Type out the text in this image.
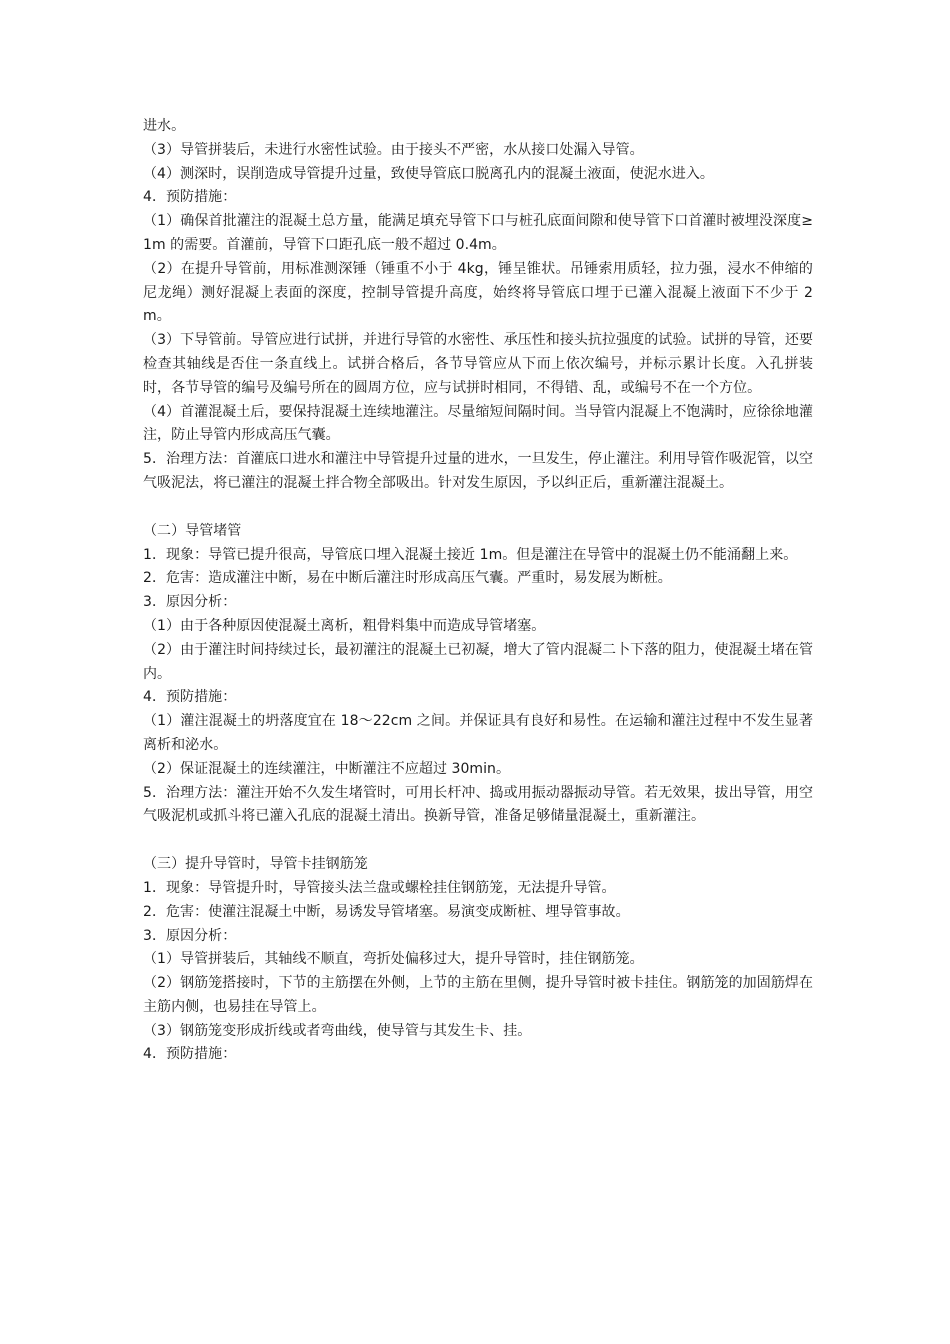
进水。

（3）导管拼装后，未进行水密性试验。由于接头不严密，水从接口处漏入导管。

（4）测深时，误削造成导管提升过量，致使导管底口脱离孔内的混凝土液面，使泥水进入。

4．预防措施：

（1）确保首批灌注的混凝土总方量，能满足填充导管下口与桩孔底面间隙和使导管下口首灌时被埋没深度≥1m 的需要。首灌前，导管下口距孔底一般不超过 0.4m。

（2）在提升导管前，用标准测深锤（锤重不小于 4kg，锤呈锥状。吊锤索用质轻，拉力强，浸水不伸缩的尼龙绳）测好混凝上表面的深度，控制导管提升高度，始终将导管底口埋于已灌入混凝上液面下不少于 2m。

（3）下导管前。导管应进行试拼，并进行导管的水密性、承压性和接头抗拉强度的试验。试拼的导管，还要检查其轴线是否住一条直线上。试拼合格后，各节导管应从下而上依次编号，并标示累计长度。入孔拼装时，各节导管的编号及编号所在的圆周方位，应与试拼时相同，不得错、乱，或编号不在一个方位。

（4）首灌混凝土后，要保持混凝土连续地灌注。尽量缩短间隔时间。当导管内混凝上不饱满时，应徐徐地灌注，防止导管内形成高压气囊。

5．治理方法：首灌底口进水和灌注中导管提升过量的进水，一旦发生，停止灌注。利用导管作吸泥管，以空气吸泥法，将已灌注的混凝土拌合物全部吸出。针对发生原因，予以纠正后，重新灌注混凝土。

（二）导管堵管

1．现象：导管已提升很高，导管底口埋入混凝土接近 1m。但是灌注在导管中的混凝土仍不能涌翻上来。

2．危害：造成灌注中断，易在中断后灌注时形成高压气囊。严重时，易发展为断桩。

3．原因分析：

（1）由于各种原因使混凝土离析，粗骨料集中而造成导管堵塞。

（2）由于灌注时间持续过长，最初灌注的混凝土已初凝，增大了管内混凝二卜下落的阻力，使混凝土堵在管内。

4．预防措施：

（1）灌注混凝土的坍落度宜在 18～22cm 之间。并保证具有良好和易性。在运输和灌注过程中不发生显著离析和泌水。

（2）保证混凝土的连续灌注，中断灌注不应超过 30min。

5．治理方法：灌注开始不久发生堵管时，可用长杆冲、捣或用振动器振动导管。若无效果，拔出导管，用空气吸泥机或抓斗将已灌入孔底的混凝土清出。换新导管，准备足够储量混凝土，重新灌注。

（三）提升导管时，导管卡挂钢筋笼

1．现象：导管提升时，导管接头法兰盘或螺栓挂住钢筋笼，无法提升导管。

2．危害：使灌注混凝土中断，易诱发导管堵塞。易演变成断桩、埋导管事故。

3．原因分析：

（1）导管拼装后，其轴线不顺直，弯折处偏移过大，提升导管时，挂住钢筋笼。

（2）钢筋笼搭接时，下节的主筋摆在外侧，上节的主筋在里侧，提升导管时被卡挂住。钢筋笼的加固筋焊在主筋内侧，也易挂在导管上。

（3）钢筋笼变形成折线或者弯曲线，使导管与其发生卡、挂。

4．预防措施：
